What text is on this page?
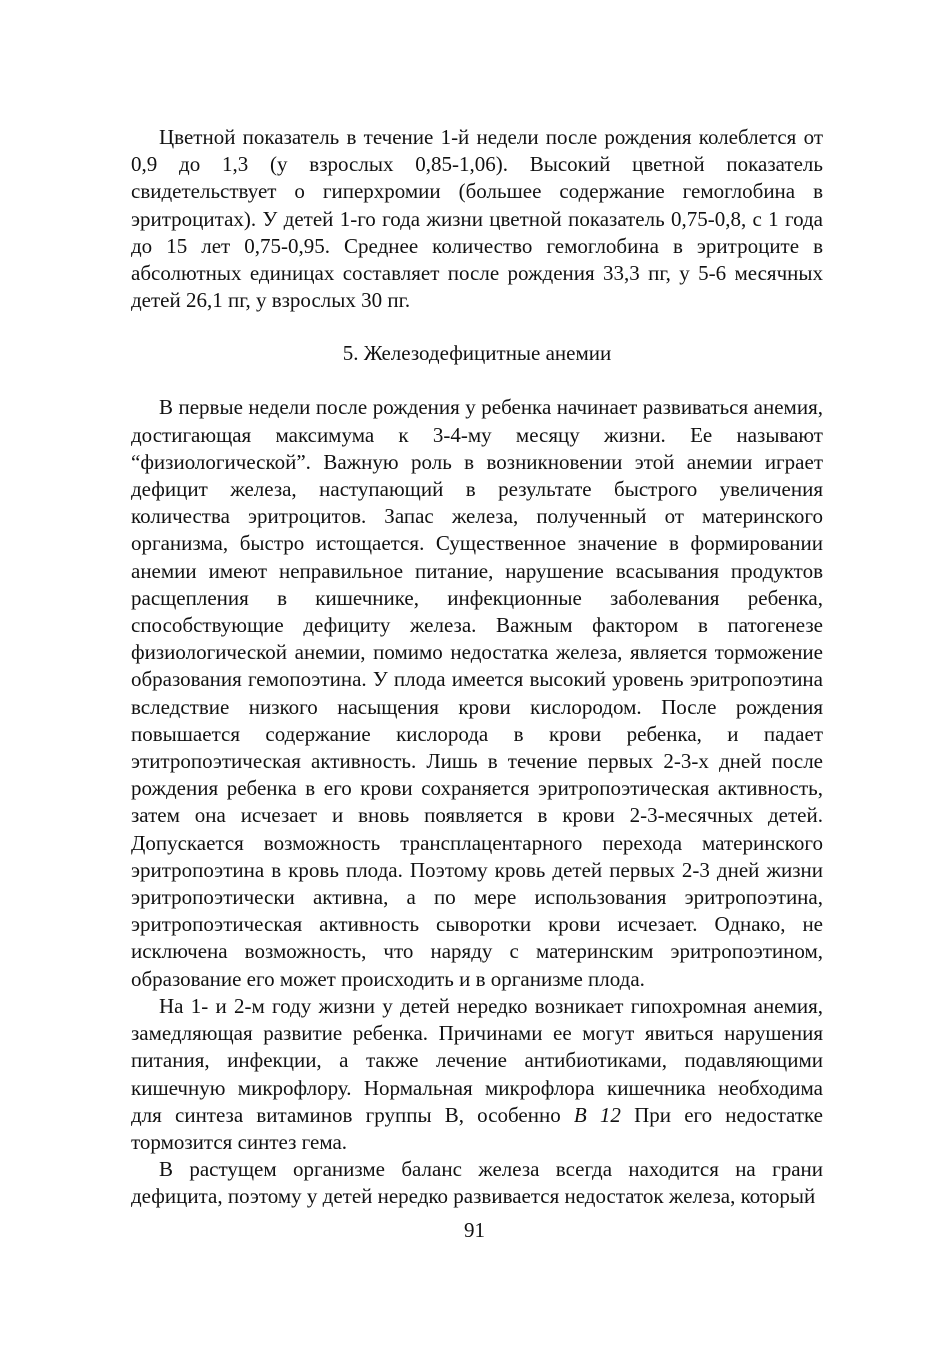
Цветной показатель в течение 1-й недели после рождения колеблется от 0,9 до 1,3 (у взрослых 0,85-1,06). Высокий цветной показатель свидетельствует о гиперхромии (большее содержание гемоглобина в эритроцитах). У детей 1-го года жизни цветной показатель 0,75-0,8, с 1 года до 15 лет 0,75-0,95. Среднее количество гемоглобина в эритроците в абсолютных единицах составляет после рождения 33,3 пг, у 5-6 месячных детей 26,1 пг, у взрослых 30 пг.

5. Железодефицитные анемии

В первые недели после рождения у ребенка начинает развиваться анемия, достигающая максимума к 3-4-му месяцу жизни. Ее называют “физиологической”. Важную роль в возникновении этой анемии играет дефицит железа, наступающий в результате быстрого увеличения количества эритроцитов. Запас железа, полученный от материнского организма, быстро истощается. Существенное значение в формировании анемии имеют неправильное питание, нарушение всасывания продуктов расщепления в кишечнике, инфекционные заболевания ребенка, способствующие дефициту железа. Важным фактором в патогенезе физиологической анемии, помимо недостатка железа, является торможение образования гемопоэтина. У плода имеется высокий уровень эритропоэтина вследствие низкого насыщения крови кислородом. После рождения повышается содержание кислорода в крови ребенка, и падает этитропоэтическая активность. Лишь в течение первых 2-3-х дней после рождения ребенка в его крови сохраняется эритропоэтическая активность, затем она исчезает и вновь появляется в крови 2-3-месячных детей. Допускается возможность трансплацентарного перехода материнского эритропоэтина в кровь плода. Поэтому кровь детей первых 2-3 дней жизни эритропоэтически активна, а по мере использования эритропоэтина, эритропоэтическая активность сыворотки крови исчезает. Однако, не исключена возможность, что наряду с материнским эритропоэтином, образование его может происходить и в организме плода.

На 1- и 2-м году жизни у детей нередко возникает гипохромная анемия, замедляющая развитие ребенка. Причинами ее могут явиться нарушения питания, инфекции, а также лечение антибиотиками, подавляющими кишечную микрофлору. Нормальная микрофлора кишечника необходима для синтеза витаминов группы В, особенно В 12 При его недостатке тормозится синтез гема.

В растущем организме баланс железа всегда находится на грани дефицита, поэтому у детей нередко развивается недостаток железа, который

91
